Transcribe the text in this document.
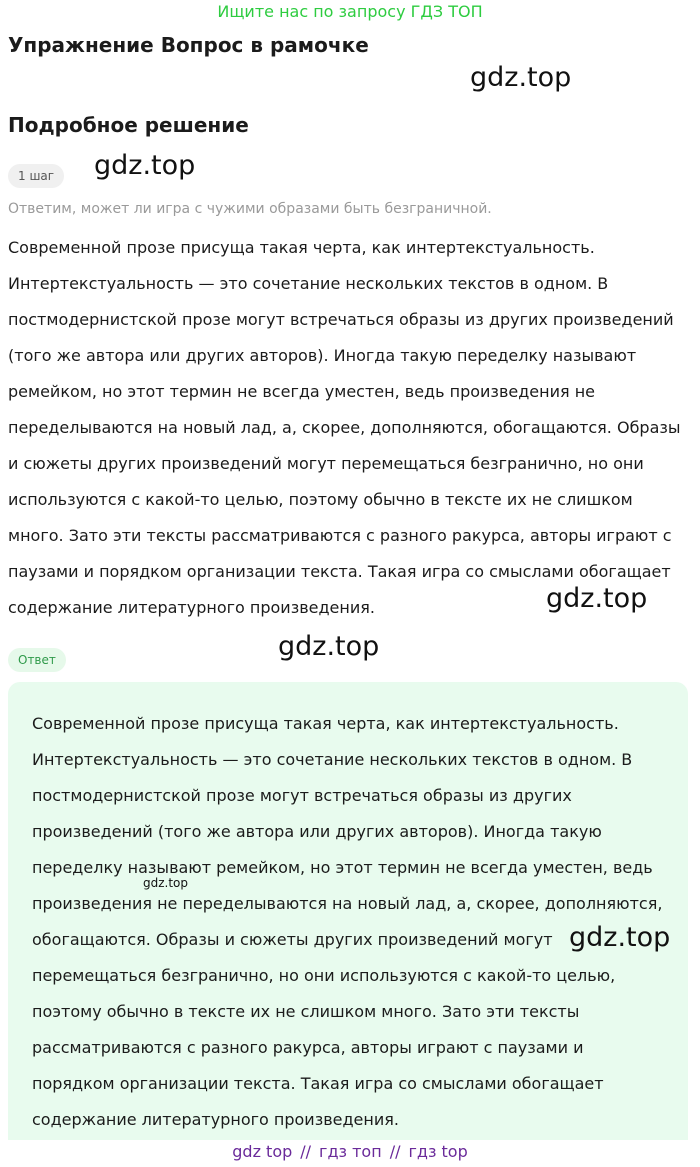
Ищите нас по запросу ГДЗ ТОП
Упражнение Вопрос в рамочке
gdz.top
Подробное решение
1 шаг	gdz.top
Ответим, может ли игра с чужими образами быть безграничной.
Современной прозе присуща такая черта, как интертекстуальность.
Интертекстуальность — это сочетание нескольких текстов в одном. В
постмодернистской прозе могут встречаться образы из других произведений
(того же автора или других авторов). Иногда такую переделку называют
ремейком, но этот термин не всегда уместен, ведь произведения не
переделываются на новый лад, а, скорее, дополняются, обогащаются. Образы
и сюжеты других произведений могут перемещаться безгранично, но они
используются с какой-то целью, поэтому обычно в тексте их не слишком
много. Зато эти тексты рассматриваются с разного ракурса, авторы играют с
паузами и порядком организации текста. Такая игра со смыслами обогащает
содержание литературного произведения.	gdz.top
Ответ	gdz.top
Современной прозе присуща такая черта, как интертекстуальность.
Интертекстуальность — это сочетание нескольких текстов в одном. В
постмодернистской прозе могут встречаться образы из других
произведений (того же автора или других авторов). Иногда такую
переделку называют ремейком, но этот термин не всегда уместен, ведь
произведения не переделываются на новый лад, а, скорее, дополняются,
обогащаются. Образы и сюжеты других произведений могут
перемещаться безгранично, но они используются с какой-то целью,
поэтому обычно в тексте их не слишком много. Зато эти тексты
рассматриваются с разного ракурса, авторы играют с паузами и
порядком организации текста. Такая игра со смыслами обогащает
содержание литературного произведения.
gdz.top
gdz.top
gdz top // гдз топ // гдз top
